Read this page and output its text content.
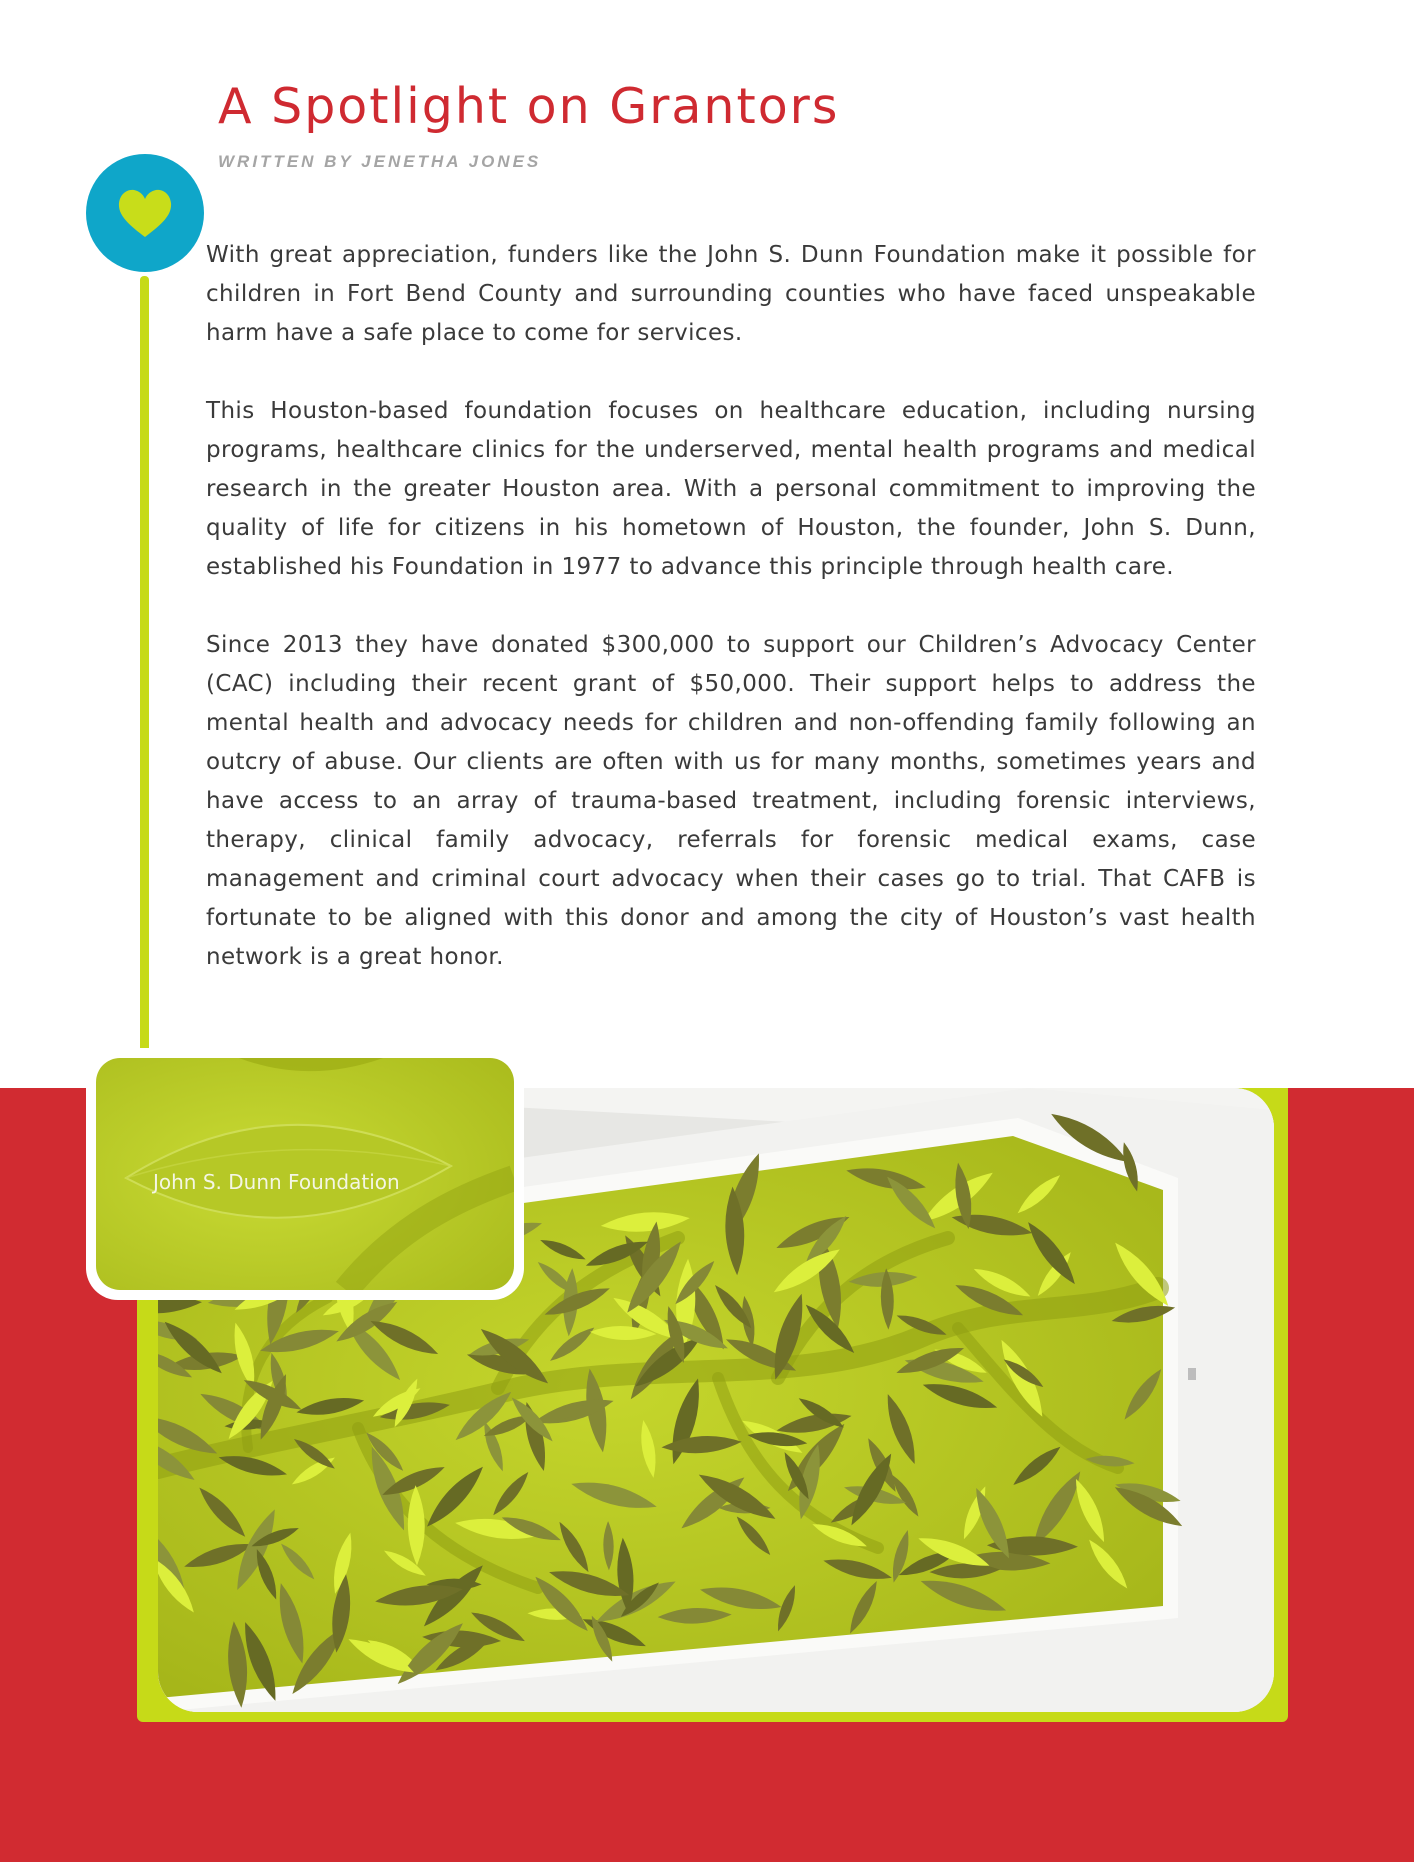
A Spotlight on Grantors
WRITTEN BY JENETHA JONES

With great appreciation, funders like the John S. Dunn Foundation make it possible for children in Fort Bend County and surrounding counties who have faced unspeakable harm have a safe place to come for services.

This Houston-based foundation focuses on healthcare education, including nursing programs, healthcare clinics for the underserved, mental health programs and medical research in the greater Houston area. With a personal commitment to improving the quality of life for citizens in his hometown of Houston, the founder, John S. Dunn, established his Foundation in 1977 to advance this principle through health care.

Since 2013 they have donated $300,000 to support our Children’s Advocacy Center (CAC) including their recent grant of $50,000. Their support helps to address the mental health and advocacy needs for children and non-offending family following an outcry of abuse. Our clients are often with us for many months, sometimes years and have access to an array of trauma-based treatment, including forensic interviews, therapy, clinical family advocacy, referrals for forensic medical exams, case management and criminal court advocacy when their cases go to trial. That CAFB is fortunate to be aligned with this donor and among the city of Houston’s vast health network is a great honor.

John S. Dunn Foundation
